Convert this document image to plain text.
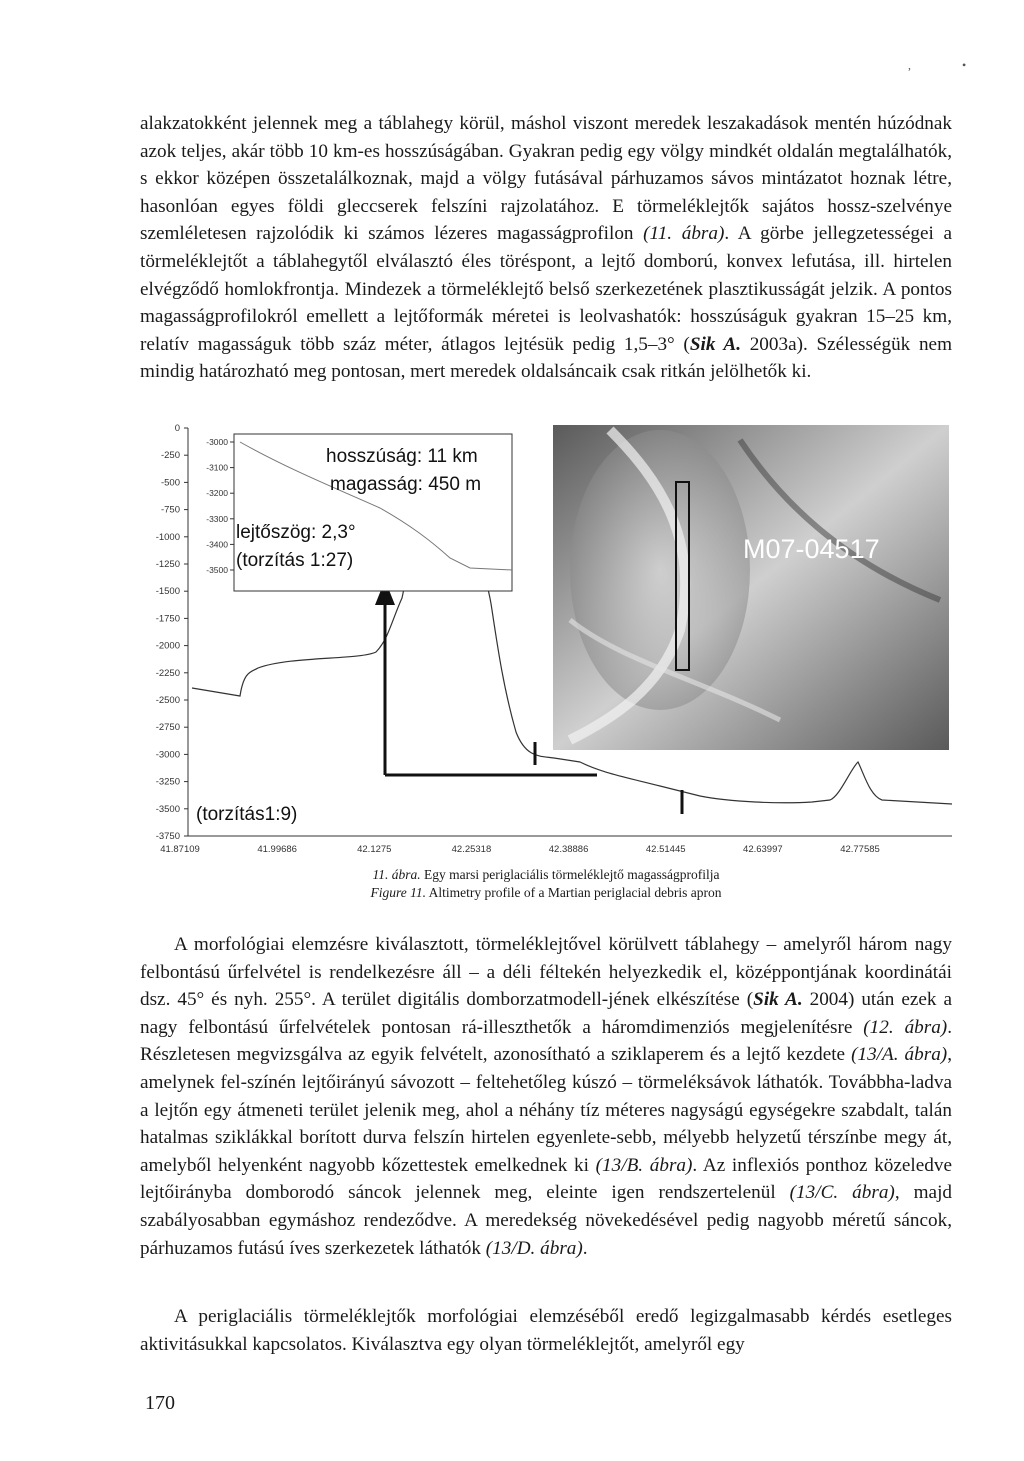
,	•

alakzatokként jelennek meg a táblahegy körül, máshol viszont meredek leszakadások mentén húzódnak azok teljes, akár több 10 km-es hosszúságában. Gyakran pedig egy völgy mindkét oldalán megtalálhatók, s ekkor középen összetalálkoznak, majd a völgy futásával párhuzamos sávos mintázatot hoznak létre, hasonlóan egyes földi gleccserek felszíni rajzolatához. E törmeléklejtők sajátos hossz-szelvénye szemléletesen rajzolódik ki számos lézeres magasságprofilon (11. ábra). A görbe jellegzetességei a törmeléklejtőt a táblahegytől elválasztó éles töréspont, a lejtő domború, konvex lefutása, ill. hirtelen elvégződő homlokfrontja. Mindezek a törmeléklejtő belső szerkezetének plasztikusságát jelzik. A pontos magasságprofilokról emellett a lejtőformák méretei is leolvashatók: hosszúságuk gyakran 15–25 km, relatív magasságuk több száz méter, átlagos lejtésük pedig 1,5–3° (Sik A. 2003a). Szélességük nem mindig határozható meg pontosan, mert meredek oldalsáncaik csak ritkán jelölhetők ki.

M07-04517
0
-250
-500
-750
-1000
-1250
-1500
-1750
-2000
-2250
-2500
-2750
-3000
-3250
-3500
-3750
41.87109	41.99686	42.1275	42.25318	42.38886	42.51445	42.63997	42.77585
-3000
-3100
-3200
-3300
-3400
-3500
hosszúság: 11 km
magasság: 450 m
lejtőszög: 2,3°
(torzítás 1:27)
(torzítás1:9)

11. ábra. Egy marsi periglaciális törmeléklejtő magasságprofilja

Figure 11. Altimetry profile of a Martian periglacial debris apron

A morfológiai elemzésre kiválasztott, törmeléklejtővel körülvett táblahegy – amelyről három nagy felbontású űrfelvétel is rendelkezésre áll – a déli féltekén helyezkedik el, középpontjának koordinátái dsz. 45° és nyh. 255°. A terület digitális domborzatmodell-jének elkészítése (Sik A. 2004) után ezek a nagy felbontású űrfelvételek pontosan rá-illeszthetők a háromdimenziós megjelenítésre (12. ábra). Részletesen megvizsgálva az egyik felvételt, azonosítható a sziklaperem és a lejtő kezdete (13/A. ábra), amelynek fel-színén lejtőirányú sávozott – feltehetőleg kúszó – törmeléksávok láthatók. Továbbha-ladva a lejtőn egy átmeneti terület jelenik meg, ahol a néhány tíz méteres nagyságú egységekre szabdalt, talán hatalmas sziklákkal borított durva felszín hirtelen egyenlete-sebb, mélyebb helyzetű térszínbe megy át, amelyből helyenként nagyobb kőzettestek emelkednek ki (13/B. ábra). Az inflexiós ponthoz közeledve lejtőirányba domborodó sáncok jelennek meg, eleinte igen rendszertelenül (13/C. ábra), majd szabályosabban egymáshoz rendeződve. A meredekség növekedésével pedig nagyobb méretű sáncok, párhuzamos futású íves szerkezetek láthatók (13/D. ábra).

A periglaciális törmeléklejtők morfológiai elemzéséből eredő legizgalmasabb kérdés esetleges aktivitásukkal kapcsolatos. Kiválasztva egy olyan törmeléklejtőt, amelyről egy

170
